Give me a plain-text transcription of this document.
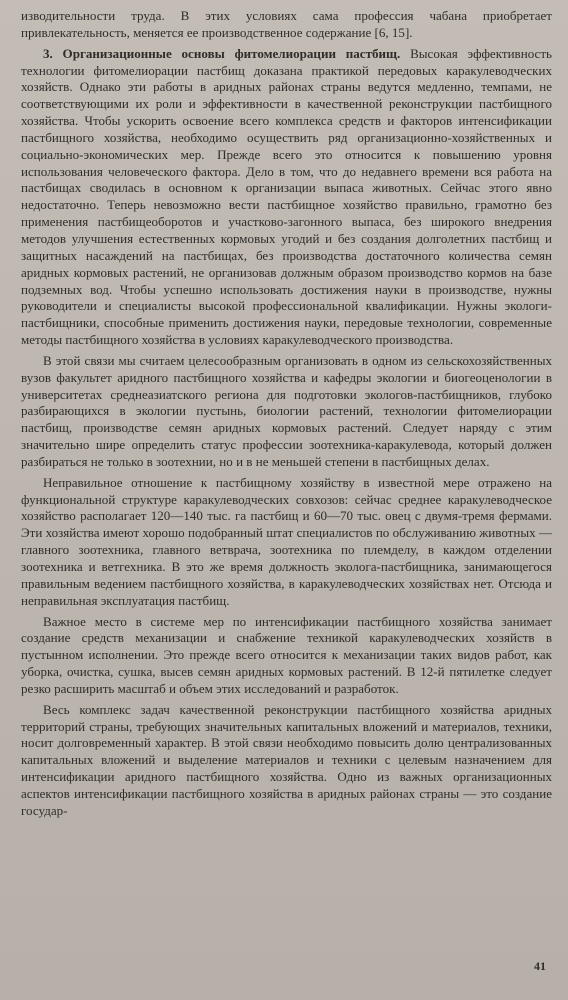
изводительности труда. В этих условиях сама профессия чабана приобретает привлекательность, меняется ее производственное содержание [6, 15].

3. Организационные основы фитомелиорации пастбищ. Высокая эффективность технологии фитомелиорации пастбищ доказана практикой передовых каракулеводческих хозяйств. Однако эти работы в аридных районах страны ведутся медленно, темпами, не соответствующими их роли и эффективности в качественной реконструкции пастбищного хозяйства. Чтобы ускорить освоение всего комплекса средств и факторов интенсификации пастбищного хозяйства, необходимо осуществить ряд организационно-хозяйственных и социально-экономических мер. Прежде всего это относится к повышению уровня использования человеческого фактора. Дело в том, что до недавнего времени вся работа на пастбищах сводилась в основном к организации выпаса животных. Сейчас этого явно недостаточно. Теперь невозможно вести пастбищное хозяйство правильно, грамотно без применения пастбищеоборотов и участково-загонного выпаса, без широкого внедрения методов улучшения естественных кормовых угодий и без создания долголетних пастбищ и защитных насаждений на пастбищах, без производства достаточного количества семян аридных кормовых растений, не организовав должным образом производство кормов на базе подземных вод. Чтобы успешно использовать достижения науки в производстве, нужны руководители и специалисты высокой профессиональной квалификации. Нужны экологи-пастбищники, способные применить достижения науки, передовые технологии, современные методы пастбищного хозяйства в условиях каракулеводческого производства.

В этой связи мы считаем целесообразным организовать в одном из сельскохозяйственных вузов факультет аридного пастбищного хозяйства и кафедры экологии и биогеоценологии в университетах среднеазиатского региона для подготовки экологов-пастбищников, глубоко разбирающихся в экологии пустынь, биологии растений, технологии фитомелиорации пастбищ, производстве семян аридных кормовых растений. Следует наряду с этим значительно шире определить статус профессии зоотехника-каракулевода, который должен разбираться не только в зоотехнии, но и в не меньшей степени в пастбищных делах.

Неправильное отношение к пастбищному хозяйству в известной мере отражено на функциональной структуре каракулеводческих совхозов: сейчас среднее каракулеводческое хозяйство располагает 120—140 тыс. га пастбищ и 60—70 тыс. овец с двумя-тремя фермами. Эти хозяйства имеют хорошо подобранный штат специалистов по обслуживанию животных — главного зоотехника, главного ветврача, зоотехника по племделу, в каждом отделении зоотехника и ветгехника. В это же время должность эколога-пастбищника, занимающегося правильным ведением пастбищного хозяйства, в каракулеводческих хозяйствах нет. Отсюда и неправильная эксплуатация пастбищ.

Важное место в системе мер по интенсификации пастбищного хозяйства занимает создание средств механизации и снабжение техникой каракулеводческих хозяйств в пустынном исполнении. Это прежде всего относится к механизации таких видов работ, как уборка, очистка, сушка, высев семян аридных кормовых растений. В 12-й пятилетке следует резко расширить масштаб и объем этих исследований и разработок.

Весь комплекс задач качественной реконструкции пастбищного хозяйства аридных территорий страны, требующих значительных капитальных вложений и материалов, техники, носит долговременный характер. В этой связи необходимо повысить долю централизованных капитальных вложений и выделение материалов и техники с целевым назначением для интенсификации аридного пастбищного хозяйства. Одно из важных организационных аспектов интенсификации пастбищного хозяйства в аридных районах страны — это создание государ-

41
